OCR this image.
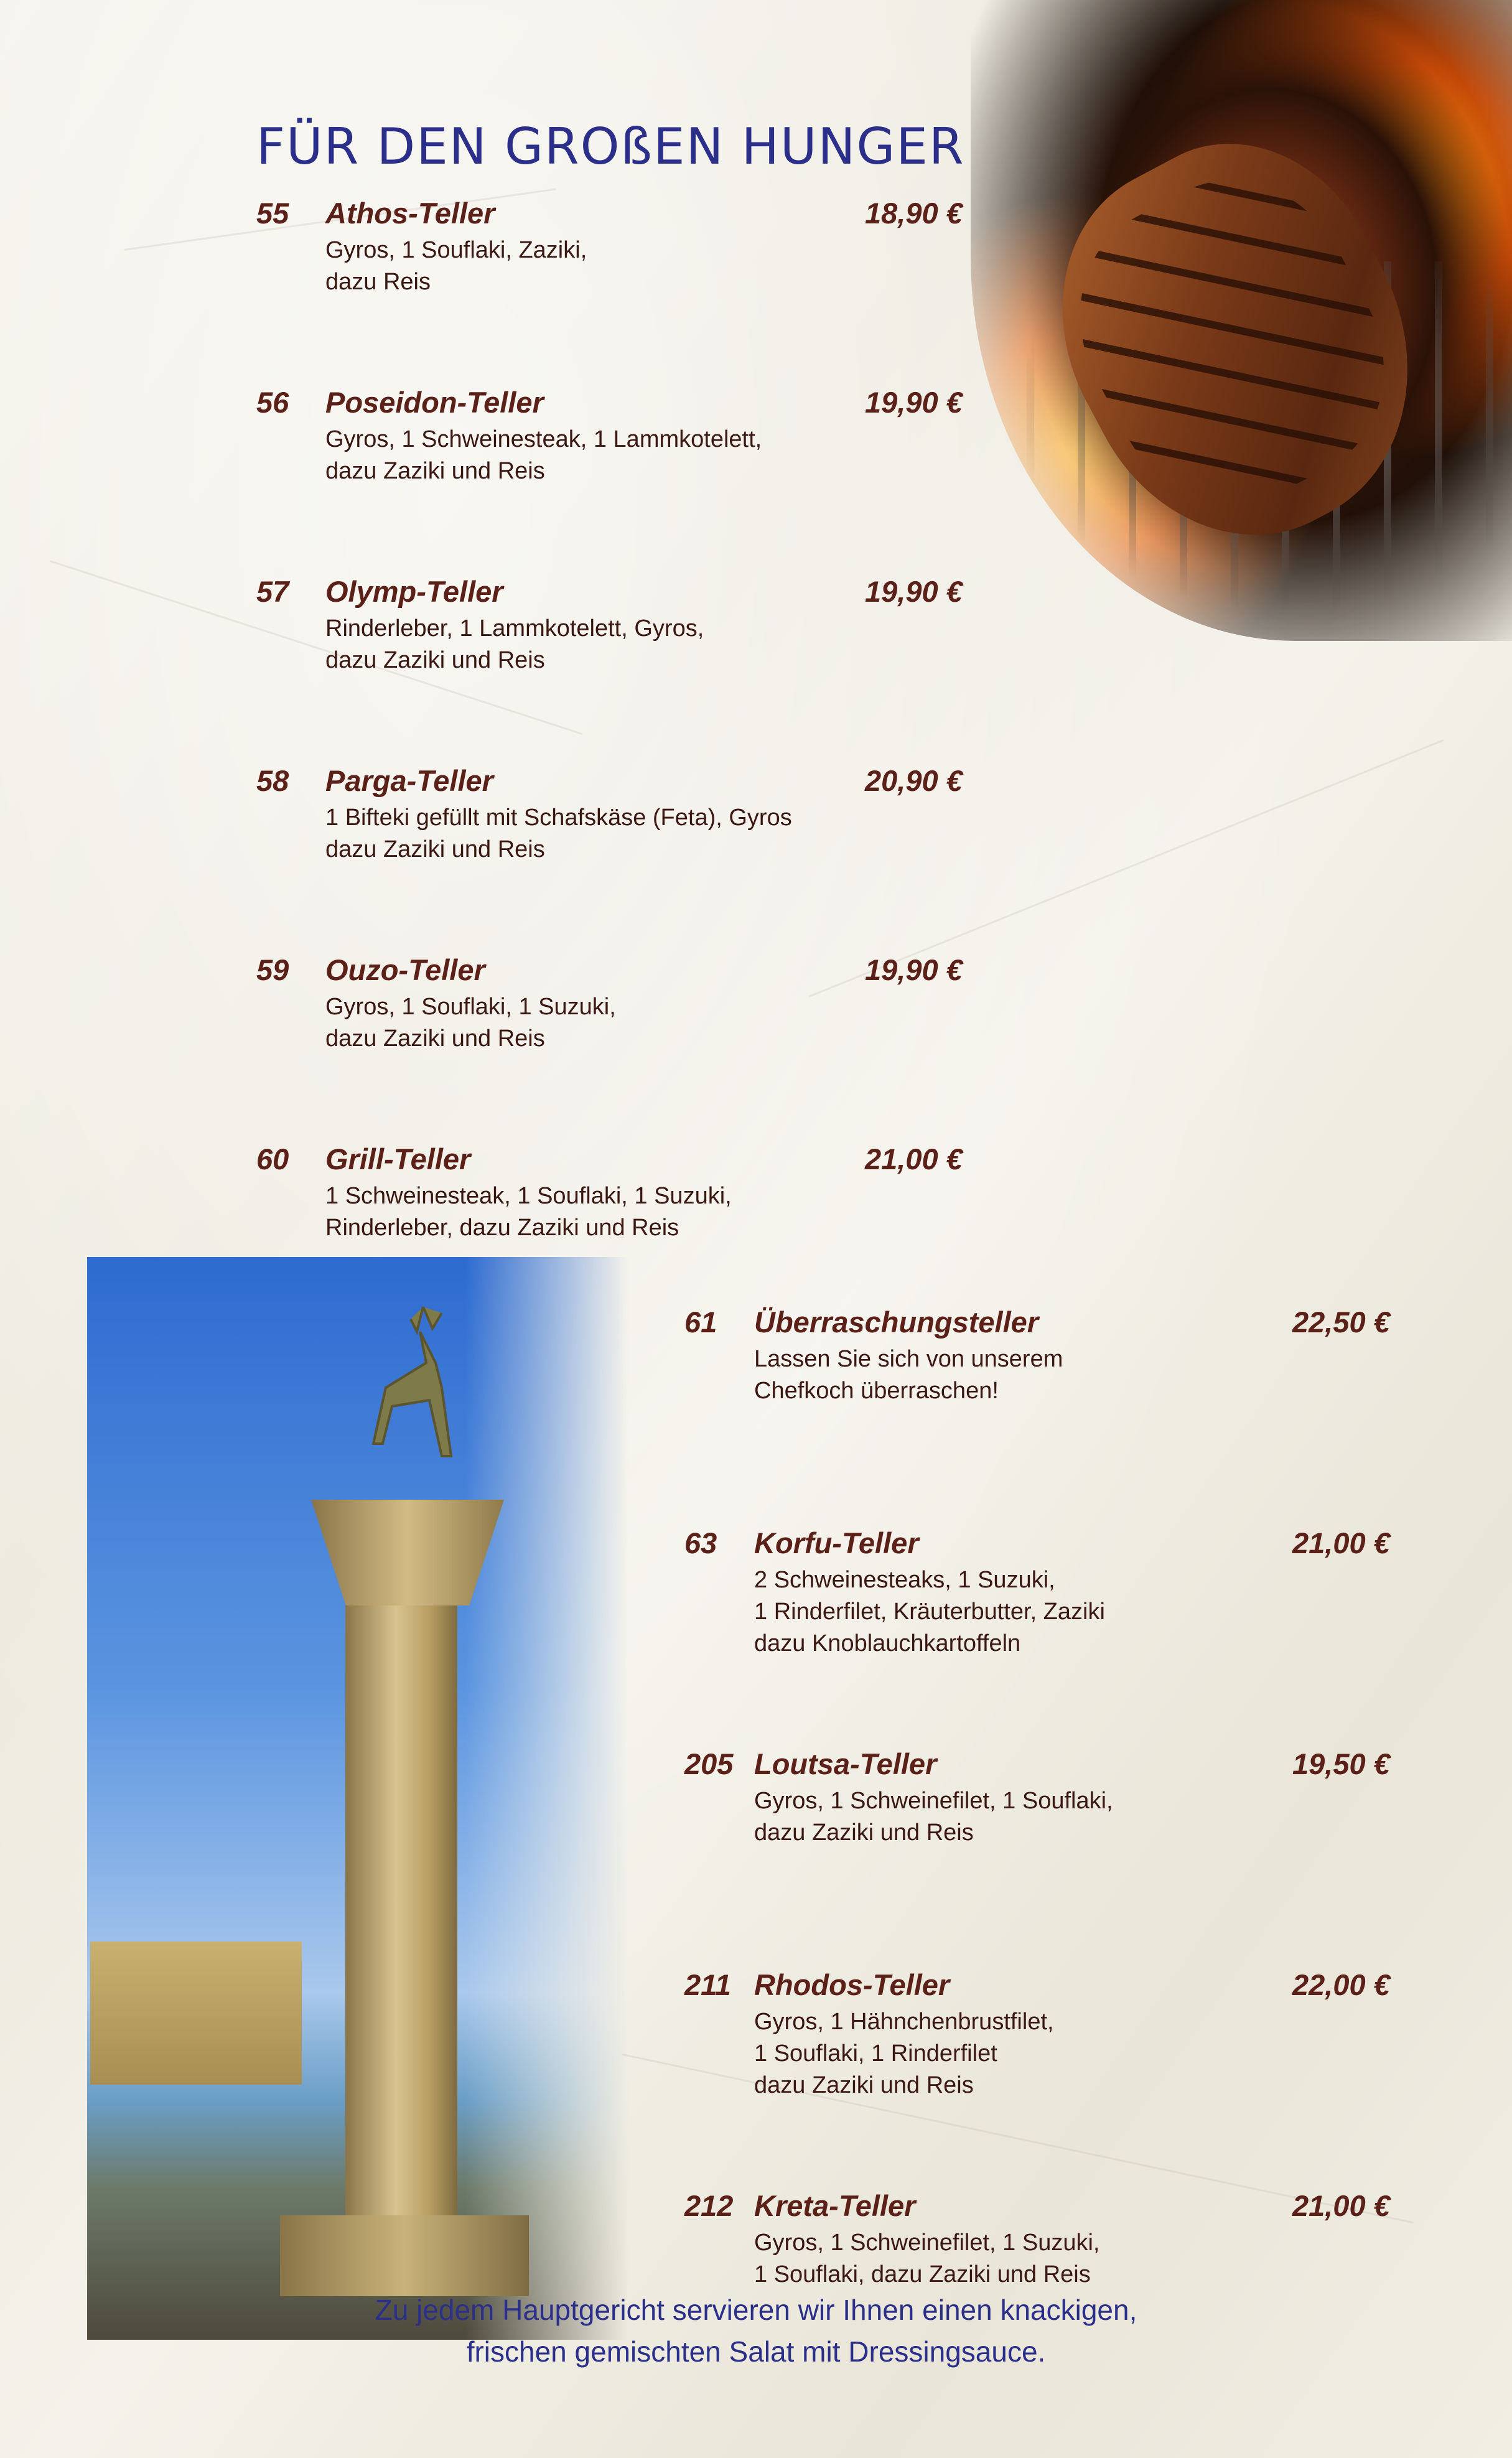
FÜR DEN GROßEN HUNGER
55 Athos-Teller	18,90 €
Gyros, 1 Souflaki, Zaziki,
dazu Reis
56 Poseidon-Teller	19,90 €
Gyros, 1 Schweinesteak, 1 Lammkotelett,
dazu Zaziki und Reis
57 Olymp-Teller	19,90 €
Rinderleber, 1 Lammkotelett, Gyros,
dazu Zaziki und Reis
58 Parga-Teller	20,90 €
1 Bifteki gefüllt mit Schafskäse (Feta), Gyros
dazu Zaziki und Reis
59 Ouzo-Teller	19,90 €
Gyros, 1 Souflaki, 1 Suzuki,
dazu Zaziki und Reis
60 Grill-Teller	21,00 €
1 Schweinesteak, 1 Souflaki, 1 Suzuki,
Rinderleber, dazu Zaziki und Reis
61 Überraschungsteller	22,50 €
Lassen Sie sich von unserem
Chefkoch überraschen!
63 Korfu-Teller	21,00 €
2 Schweinesteaks, 1 Suzuki,
1 Rinderfilet, Kräuterbutter, Zaziki
dazu Knoblauchkartoffeln
205 Loutsa-Teller	19,50 €
Gyros, 1 Schweinefilet, 1 Souflaki,
dazu Zaziki und Reis
211 Rhodos-Teller	22,00 €
Gyros, 1 Hähnchenbrustfilet,
1 Souflaki, 1 Rinderfilet
dazu Zaziki und Reis
212 Kreta-Teller	21,00 €
Gyros, 1 Schweinefilet, 1 Suzuki,
1 Souflaki, dazu Zaziki und Reis
Zu jedem Hauptgericht servieren wir Ihnen einen knackigen,
frischen gemischten Salat mit Dressingsauce.
